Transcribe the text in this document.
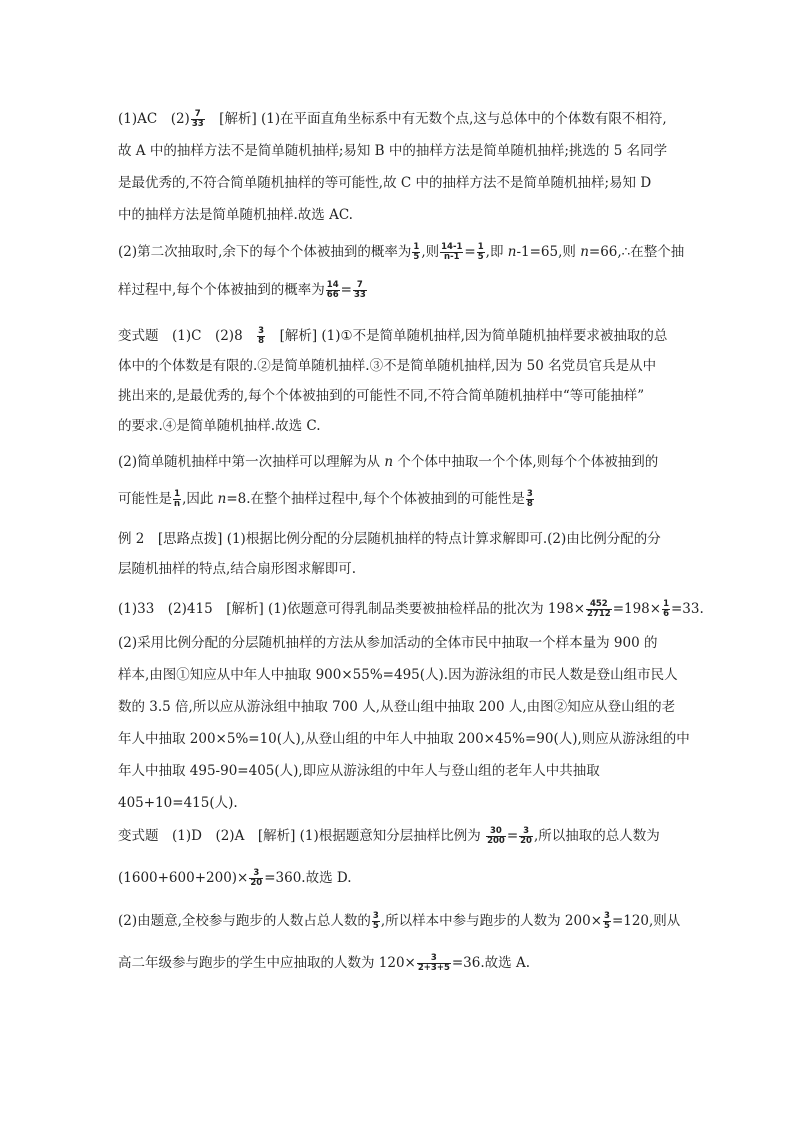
(1)AC　$(2) \frac{7}{33}$ 　[解析] (1)在平面直角坐标系中有无数个点,这与总体中的个体数有限不相符,
故 A 中的抽样方法不是简单随机抽样;易知 B 中的抽样方法是简单随机抽样;挑选的 5 名同学
是最优秀的,不符合简单随机抽样的等可能性,故 C 中的抽样方法不是简单随机抽样;易知 D
中的抽样方法是简单随机抽样.故选 AC.
(2)第二次抽取时,余下的每个个体被抽到的概率为 $\frac{1}{5}$ ,则 $\frac{14-1}{n-1} = \frac{1}{5}$ ,即 n-1=65,则 n=66,∴在整个抽
样过程中,每个个体被抽到的概率为 $\frac{14}{66} = \frac{7}{33}$
变式题　(1)C　(2)8　 $\frac{3}{8}$ 　[解析] (1)①不是简单随机抽样,因为简单随机抽样要求被抽取的总
体中的个体数是有限的.②是简单随机抽样.③不是简单随机抽样,因为 50 名党员官兵是从中
挑出来的,是最优秀的,每个个体被抽到的可能性不同,不符合简单随机抽样中“等可能抽样”
的要求.④是简单随机抽样.故选 C.
(2)简单随机抽样中第一次抽样可以理解为从 n 个个体中抽取一个个体,则每个个体被抽到的
可能性是 $\frac{1}{n}$ ,因此 n=8.在整个抽样过程中,每个个体被抽到的可能性是 $\frac{3}{8}$
例 2　[思路点拨] (1)根据比例分配的分层随机抽样的特点计算求解即可.(2)由比例分配的分
层随机抽样的特点,结合扇形图求解即可.
(1)33　(2)415　[解析] (1)依题意可得乳制品类要被抽检样品的批次为 $198\times \frac{452}{2712} =198\times \frac{1}{6} =33$.
(2)采用比例分配的分层随机抽样的方法从参加活动的全体市民中抽取一个样本量为 900 的
样本,由图①知应从中年人中抽取 900×55%=495(人).因为游泳组的市民人数是登山组市民人
数的 3.5 倍,所以应从游泳组中抽取 700 人,从登山组中抽取 200 人,由图②知应从登山组的老
年人中抽取 200×5%=10(人),从登山组的中年人中抽取 200×45%=90(人),则应从游泳组的中
年人中抽取 495-90=405(人),即应从游泳组的中年人与登山组的老年人中共抽取
405+10=415(人).
变式题　(1)D　(2)A　[解析] (1)根据题意知分层抽样比例为 $\frac{30}{200} = \frac{3}{20}$ ,所以抽取的总人数为
$(1600+600+200)\times \frac{3}{20} =360$.故选 D.
(2)由题意,全校参与跑步的人数占总人数的 $\frac{3}{5}$ ,所以样本中参与跑步的人数为 $200\times \frac{3}{5} =120$,则从
高二年级参与跑步的学生中应抽取的人数为 $120\times \frac{3}{2+3+5} =36$.故选 A.
